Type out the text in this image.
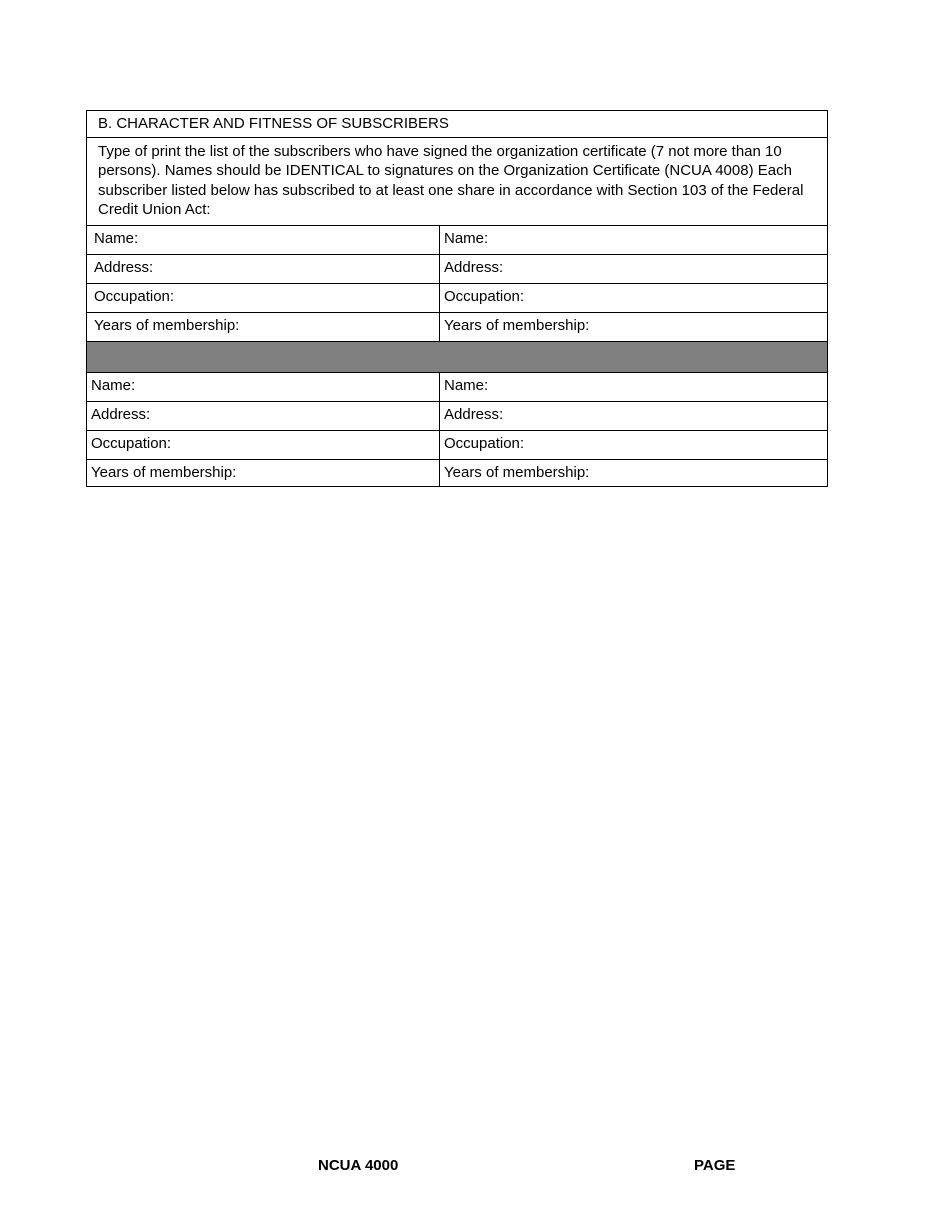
B. CHARACTER AND FITNESS OF SUBSCRIBERS
Type of print the list of the subscribers who have signed the organization certificate (7 not more than 10 persons). Names should be IDENTICAL to signatures on the Organization Certificate (NCUA 4008) Each subscriber listed below has subscribed to at least one share in accordance with Section 103 of the Federal Credit Union Act:
Name:	Name:
Address:	Address:
Occupation:	Occupation:
Years of membership:	Years of membership:
Name:	Name:
Address:	Address:
Occupation:	Occupation:
Years of membership:	Years of membership:
NCUA 4000	PAGE
